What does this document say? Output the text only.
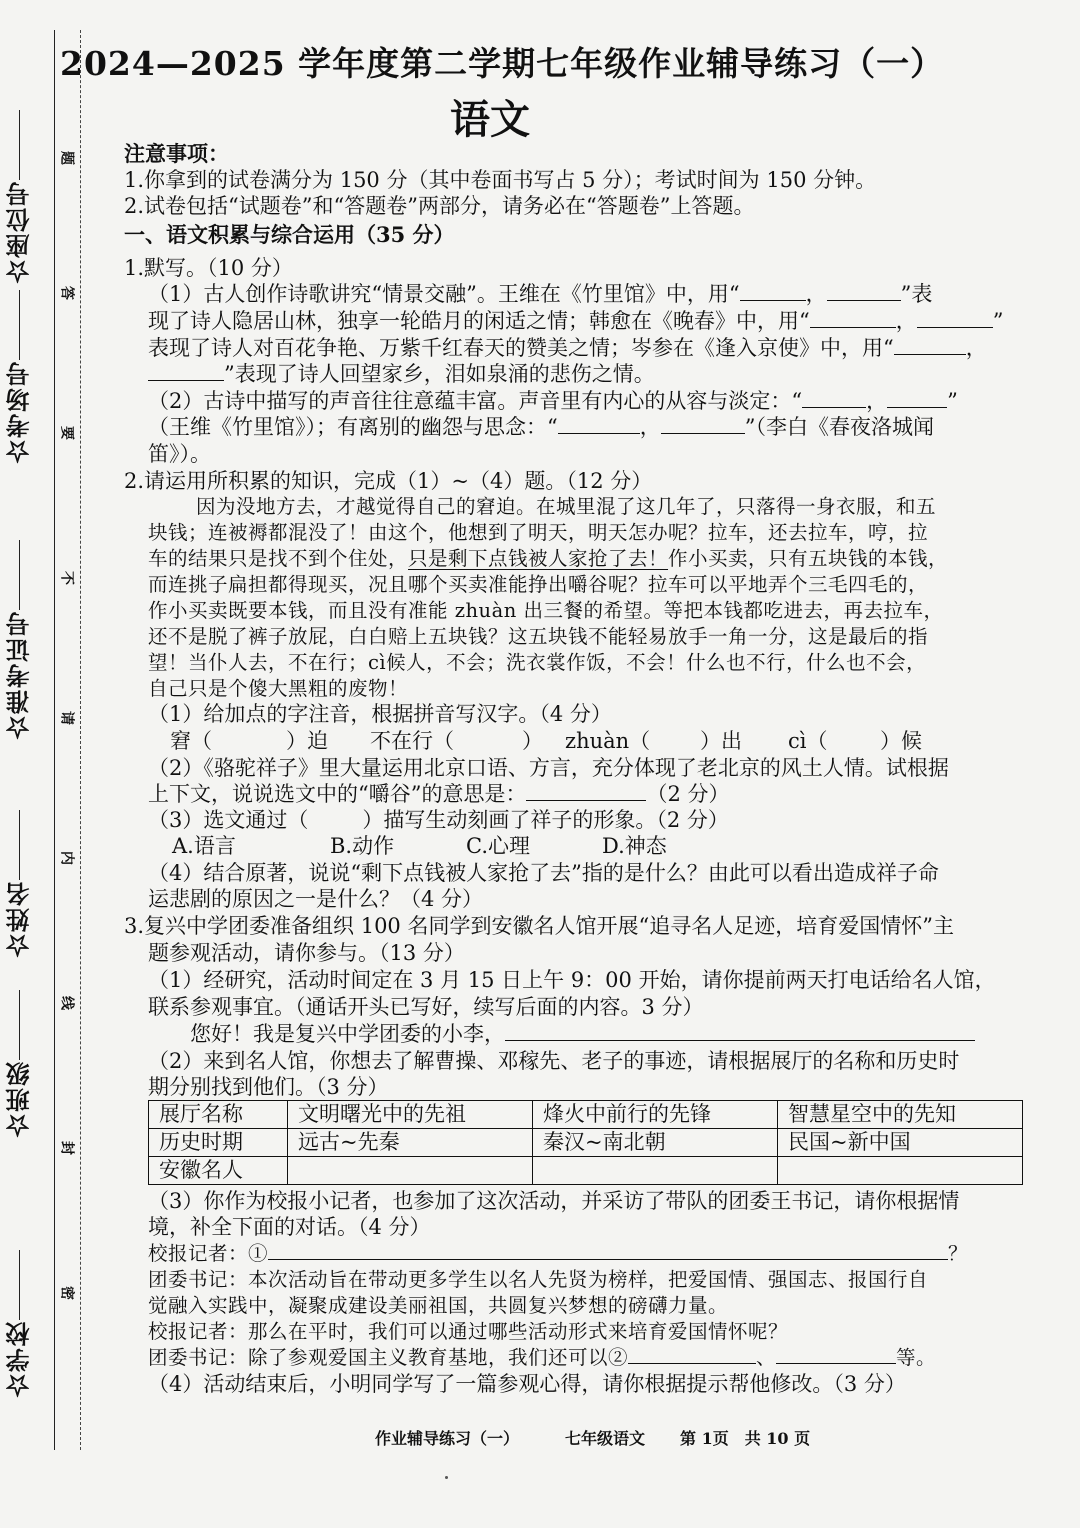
☆座位号
☆考场号
☆准考证号
☆姓名
☆班级
☆学校
题
答
要
不
请
内
线
封
密
2024—2025 学年度第二学期七年级作业辅导练习（一）
语文
注意事项：
1.你拿到的试卷满分为 150 分（其中卷面书写占 5 分）；考试时间为 150 分钟。
2.试卷包括“试题卷”和“答题卷”两部分，请务必在“答题卷”上答题。
一、语文积累与综合运用（35 分）
1.默写。（10 分）
（1）古人创作诗歌讲究“情景交融”。王维在《竹里馆》中，用“	，	”表
现了诗人隐居山林，独享一轮皓月的闲适之情；韩愈在《晚春》中，用“	，	”
表现了诗人对百花争艳、万紫千红春天的赞美之情；岑参在《逢入京使》中，用“	，
”表现了诗人回望家乡，泪如泉涌的悲伤之情。
（2）古诗中描写的声音往往意蕴丰富。声音里有内心的从容与淡定：“	，	”
（王维《竹里馆》）；有离别的幽怨与思念：“	，	”（李白《春夜洛城闻
笛》）。
2.请运用所积累的知识，完成（1）~（4）题。（12 分）
因为没地方去，才越觉得自己的窘迫。在城里混了这几年了，只落得一身衣服，和五
块钱；连被褥都混没了！由这个，他想到了明天，明天怎办呢？拉车，还去拉车，哼，拉
车的结果只是找不到个住处，只是剩下点钱被人家抢了去！作小买卖，只有五块钱的本钱，
而连挑子扁担都得现买，况且哪个买卖准能挣出嚼谷呢？拉车可以平地弄个三毛四毛的，
作小买卖既要本钱，而且没有准能 zhuàn 出三餐的希望。等把本钱都吃进去，再去拉车，
还不是脱了裤子放屁，白白赔上五块钱？这五块钱不能轻易放手一角一分，这是最后的指
望！当仆人去，不在行；cì候人，不会；洗衣裳作饭，不会！什么也不行，什么也不会，
自己只是个傻大黑粗的废物！
（1）给加点的字注音，根据拼音写汉字。（4 分）
窘（	）迫 不在行（	） zhuàn（ ）出 cì（	）候
（2）《骆驼祥子》里大量运用北京口语、方言，充分体现了老北京的风土人情。试根据
上下文，说说选文中的“嚼谷”的意思是：	（2 分）
（3）选文通过（	）描写生动刻画了祥子的形象。（2 分）
A.语言	B.动作	C.心理	D.神态
（4）结合原著，说说“剩下点钱被人家抢了去”指的是什么？由此可以看出造成祥子命
运悲剧的原因之一是什么？（4 分）
3.复兴中学团委准备组织 100 名同学到安徽名人馆开展“追寻名人足迹，培育爱国情怀”主
题参观活动，请你参与。（13 分）
（1）经研究，活动时间定在 3 月 15 日上午 9：00 开始，请你提前两天打电话给名人馆，
联系参观事宜。（通话开头已写好，续写后面的内容。3 分）
您好！我是复兴中学团委的小李，
（2）来到名人馆，你想去了解曹操、邓稼先、老子的事迹，请根据展厅的名称和历史时
期分别找到他们。（3 分）
展厅名称	文明曙光中的先祖	烽火中前行的先锋	智慧星空中的先知
历史时期	远古~先秦	秦汉~南北朝	民国~新中国
安徽名人			
（3）你作为校报小记者，也参加了这次活动，并采访了带队的团委王书记，请你根据情
境，补全下面的对话。（4 分）
校报记者：①	？
团委书记：本次活动旨在带动更多学生以名人先贤为榜样，把爱国情、强国志、报国行自
觉融入实践中，凝聚成建设美丽祖国，共圆复兴梦想的磅礴力量。
校报记者：那么在平时，我们可以通过哪些活动形式来培育爱国情怀呢？
团委书记：除了参观爱国主义教育基地，我们还可以②	、	等。
（4）活动结束后，小明同学写了一篇参观心得，请你根据提示帮他修改。（3 分）
作业辅导练习（一）	七年级语文 第 1页　共 10 页
